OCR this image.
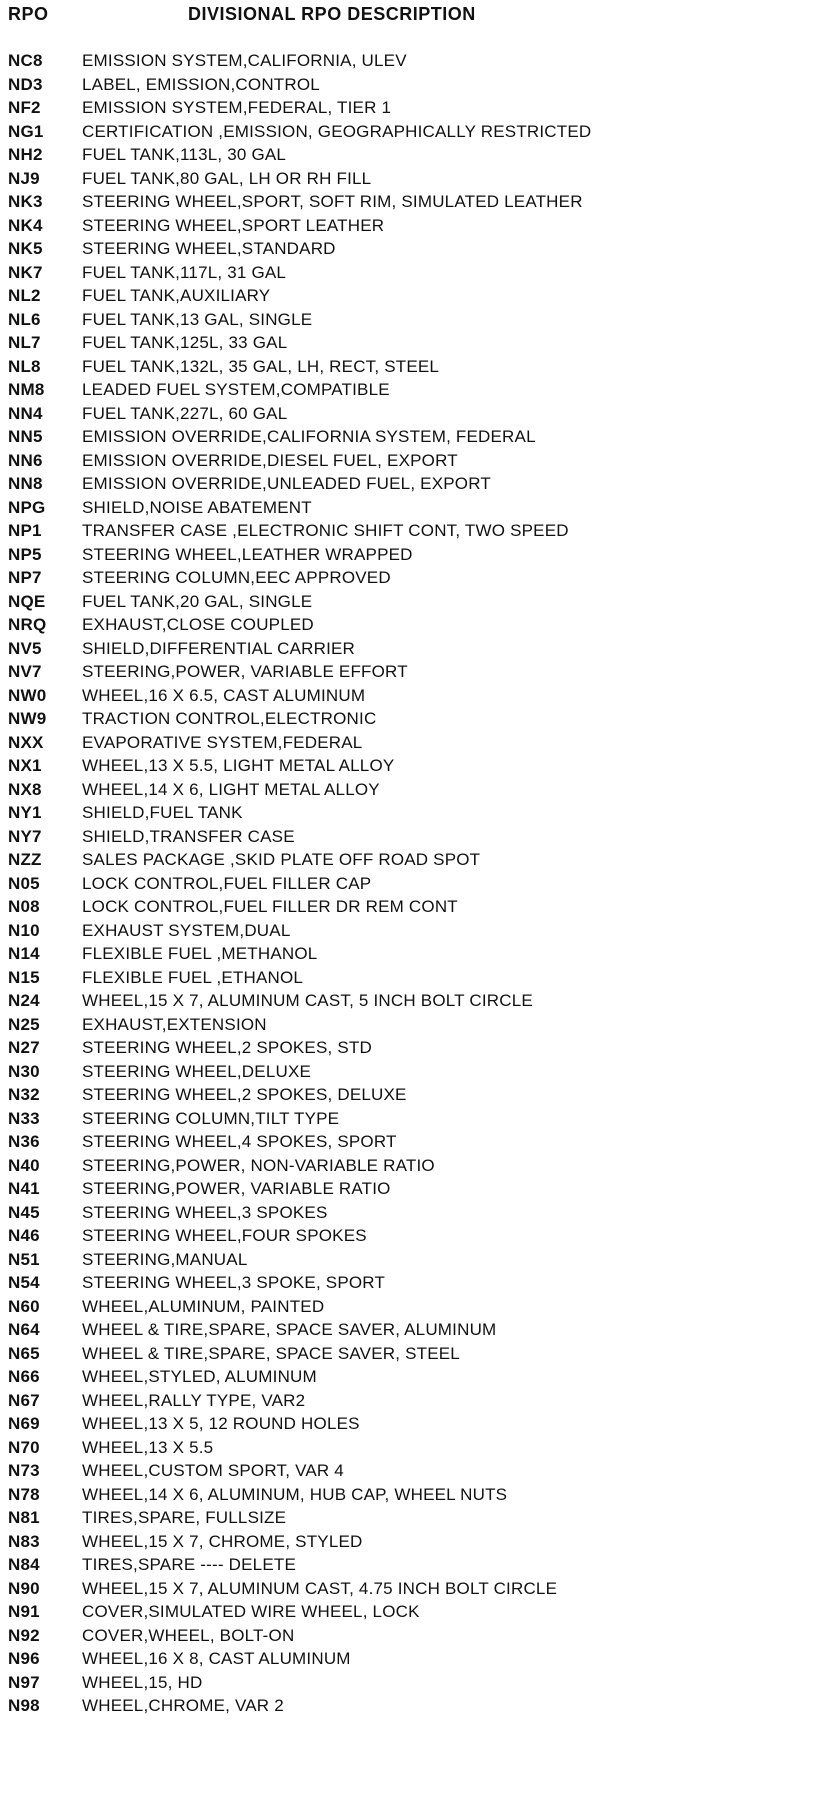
RPO	DIVISIONAL RPO DESCRIPTION
NC8 EMISSION SYSTEM,CALIFORNIA, ULEV
ND3 LABEL, EMISSION,CONTROL
NF2 EMISSION SYSTEM,FEDERAL, TIER 1
NG1 CERTIFICATION ,EMISSION, GEOGRAPHICALLY RESTRICTED
NH2 FUEL TANK,113L, 30 GAL
NJ9 FUEL TANK,80 GAL, LH OR RH FILL
NK3 STEERING WHEEL,SPORT, SOFT RIM, SIMULATED LEATHER
NK4 STEERING WHEEL,SPORT LEATHER
NK5 STEERING WHEEL,STANDARD
NK7 FUEL TANK,117L, 31 GAL
NL2 FUEL TANK,AUXILIARY
NL6 FUEL TANK,13 GAL, SINGLE
NL7 FUEL TANK,125L, 33 GAL
NL8 FUEL TANK,132L, 35 GAL, LH, RECT, STEEL
NM8 LEADED FUEL SYSTEM,COMPATIBLE
NN4 FUEL TANK,227L, 60 GAL
NN5 EMISSION OVERRIDE,CALIFORNIA SYSTEM, FEDERAL
NN6 EMISSION OVERRIDE,DIESEL FUEL, EXPORT
NN8 EMISSION OVERRIDE,UNLEADED FUEL, EXPORT
NPG SHIELD,NOISE ABATEMENT
NP1 TRANSFER CASE ,ELECTRONIC SHIFT CONT, TWO SPEED
NP5 STEERING WHEEL,LEATHER WRAPPED
NP7 STEERING COLUMN,EEC APPROVED
NQE FUEL TANK,20 GAL, SINGLE
NRQ EXHAUST,CLOSE COUPLED
NV5 SHIELD,DIFFERENTIAL CARRIER
NV7 STEERING,POWER, VARIABLE EFFORT
NW0 WHEEL,16 X 6.5, CAST ALUMINUM
NW9 TRACTION CONTROL,ELECTRONIC
NXX EVAPORATIVE SYSTEM,FEDERAL
NX1 WHEEL,13 X 5.5, LIGHT METAL ALLOY
NX8 WHEEL,14 X 6, LIGHT METAL ALLOY
NY1 SHIELD,FUEL TANK
NY7 SHIELD,TRANSFER CASE
NZZ SALES PACKAGE ,SKID PLATE OFF ROAD SPOT
N05 LOCK CONTROL,FUEL FILLER CAP
N08 LOCK CONTROL,FUEL FILLER DR REM CONT
N10 EXHAUST SYSTEM,DUAL
N14 FLEXIBLE FUEL ,METHANOL
N15 FLEXIBLE FUEL ,ETHANOL
N24 WHEEL,15 X 7, ALUMINUM CAST, 5 INCH BOLT CIRCLE
N25 EXHAUST,EXTENSION
N27 STEERING WHEEL,2 SPOKES, STD
N30 STEERING WHEEL,DELUXE
N32 STEERING WHEEL,2 SPOKES, DELUXE
N33 STEERING COLUMN,TILT TYPE
N36 STEERING WHEEL,4 SPOKES, SPORT
N40 STEERING,POWER, NON-VARIABLE RATIO
N41 STEERING,POWER, VARIABLE RATIO
N45 STEERING WHEEL,3 SPOKES
N46 STEERING WHEEL,FOUR SPOKES
N51 STEERING,MANUAL
N54 STEERING WHEEL,3 SPOKE, SPORT
N60 WHEEL,ALUMINUM, PAINTED
N64 WHEEL & TIRE,SPARE, SPACE SAVER, ALUMINUM
N65 WHEEL & TIRE,SPARE, SPACE SAVER, STEEL
N66 WHEEL,STYLED, ALUMINUM
N67 WHEEL,RALLY TYPE, VAR2
N69 WHEEL,13 X 5, 12 ROUND HOLES
N70 WHEEL,13 X 5.5
N73 WHEEL,CUSTOM SPORT, VAR 4
N78 WHEEL,14 X 6, ALUMINUM, HUB CAP, WHEEL NUTS
N81 TIRES,SPARE, FULLSIZE
N83 WHEEL,15 X 7, CHROME, STYLED
N84 TIRES,SPARE ---- DELETE
N90 WHEEL,15 X 7, ALUMINUM CAST, 4.75 INCH BOLT CIRCLE
N91 COVER,SIMULATED WIRE WHEEL, LOCK
N92 COVER,WHEEL, BOLT-ON
N96 WHEEL,16 X 8, CAST ALUMINUM
N97 WHEEL,15, HD
N98 WHEEL,CHROME, VAR 2
